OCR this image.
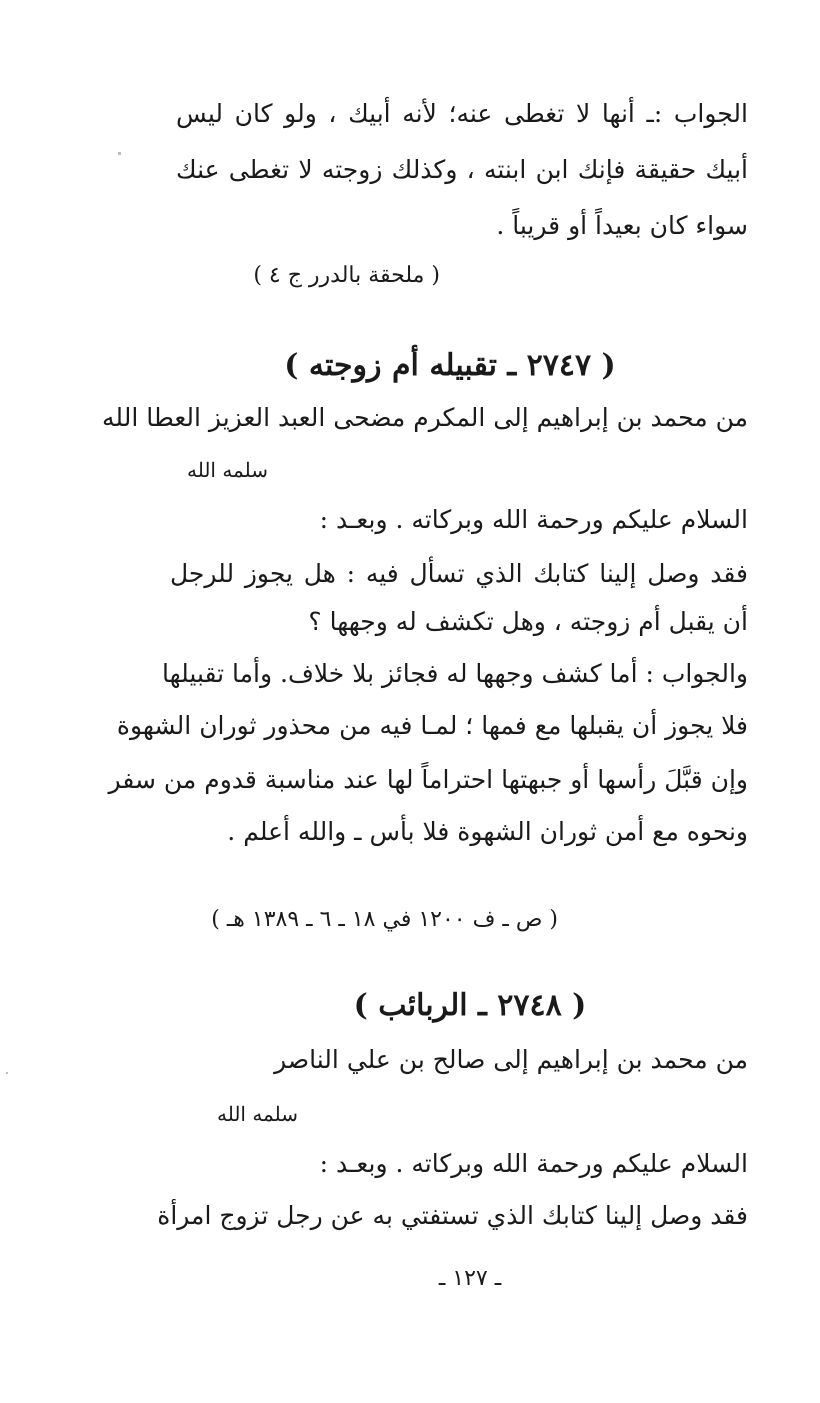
الجواب :ـ أنها لا تغطى عنه؛ لأنه أبيك ، ولو كان ليس
أبيك حقيقة فإنك ابن ابنته ، وكذلك زوجته لا تغطى عنك
سواء كان بعيداً أو قريباً .
( ملحقة بالدرر ج ٤ )
( ٢٧٤٧ ـ تقبيله أم زوجته )
من محمد بن إبراهيم إلى المكرم مضحى العبد العزيز العطا الله
سلمه الله
السلام عليكم ورحمة الله وبركاته . وبعـد :
فقد وصل إلينا كتابك الذي تسأل فيه : هل يجوز للرجل
أن يقبل أم زوجته ، وهل تكشف له وجهها ؟
والجواب : أما كشف وجهها له فجائز بلا خلاف. وأما تقبيلها
فلا يجوز أن يقبلها مع فمها ؛ لمـا فيه من محذور ثوران الشهوة
وإن قبَّلَ رأسها أو جبهتها احتراماً لها عند مناسبة قدوم من سفر
ونحوه مع أمن ثوران الشهوة فلا بأس ـ والله أعلم .
( ص ـ ف ١٢٠٠ في ١٨ ـ ٦ ـ ١٣٨٩ هـ )
( ٢٧٤٨ ـ الربائب )
من محمد بن إبراهيم إلى صالح بن علي الناصر
سلمه الله
السلام عليكم ورحمة الله وبركاته . وبعـد :
فقد وصل إلينا كتابك الذي تستفتي به عن رجل تزوج امرأة
ـ ١٢٧ ـ
